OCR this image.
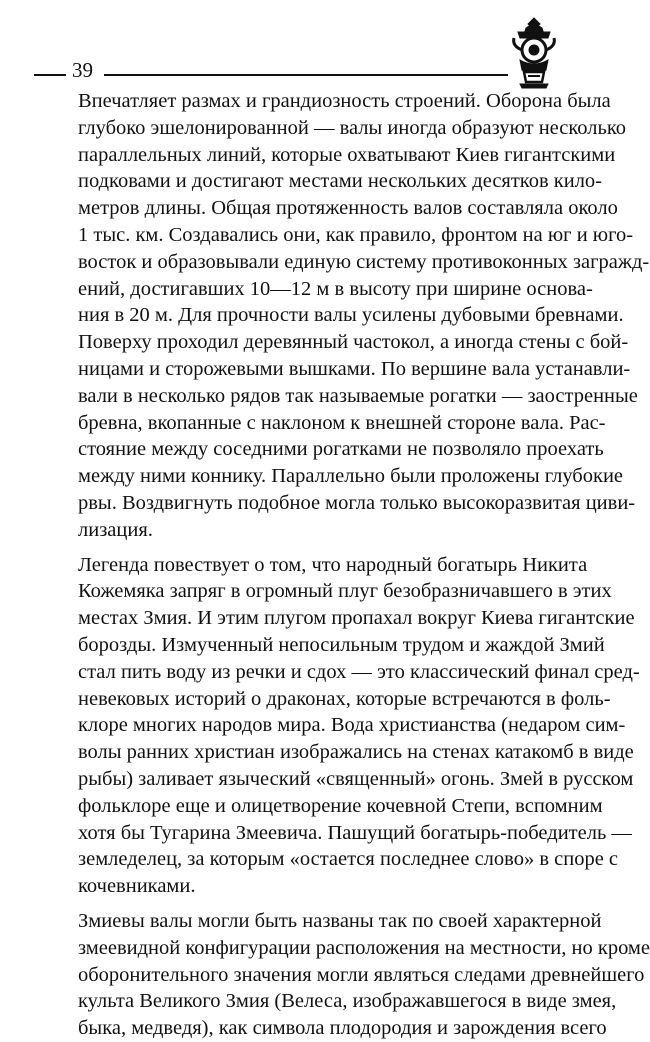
39

Впечатляет размах и грандиозность строений. Оборона была
глубоко эшелонированной — валы иногда образуют несколько
параллельных линий, которые охватывают Киев гигантскими
подковами и достигают местами нескольких десятков кило-
метров длины. Общая протяженность валов составляла около
1 тыс. км. Создавались они, как правило, фронтом на юг и юго-
восток и образовывали единую систему противоконных загражд-
ений, достигавших 10—12 м в высоту при ширине основа-
ния в 20 м. Для прочности валы усилены дубовыми бревнами.
Поверху проходил деревянный частокол, а иногда стены с бой-
ницами и сторожевыми вышками. По вершине вала устанавли-
вали в несколько рядов так называемые рогатки — заостренные
бревна, вкопанные с наклоном к внешней стороне вала. Рас-
стояние между соседними рогатками не позволяло проехать
между ними коннику. Параллельно были проложены глубокие
рвы. Воздвигнуть подобное могла только высокоразвитая циви-
лизация.

Легенда повествует о том, что народный богатырь Никита
Кожемяка запряг в огромный плуг безобразничавшего в этих
местах Змия. И этим плугом пропахал вокруг Киева гигантские
борозды. Измученный непосильным трудом и жаждой Змий
стал пить воду из речки и сдох — это классический финал сред-
невековых историй о драконах, которые встречаются в фоль-
клоре многих народов мира. Вода христианства (недаром сим-
волы ранних христиан изображались на стенах катакомб в виде
рыбы) заливает языческий «священный» огонь. Змей в русском
фольклоре еще и олицетворение кочевной Степи, вспомним
хотя бы Тугарина Змеевича. Пашущий богатырь-победитель —
земледелец, за которым «остается последнее слово» в споре с
кочевниками.

Змиевы валы могли быть названы так по своей характерной
змеевидной конфигурации расположения на местности, но кроме
оборонительного значения могли являться следами древнейшего
культа Великого Змия (Велеса, изображавшегося в виде змея,
быка, медведя), как символа плодородия и зарождения всего
